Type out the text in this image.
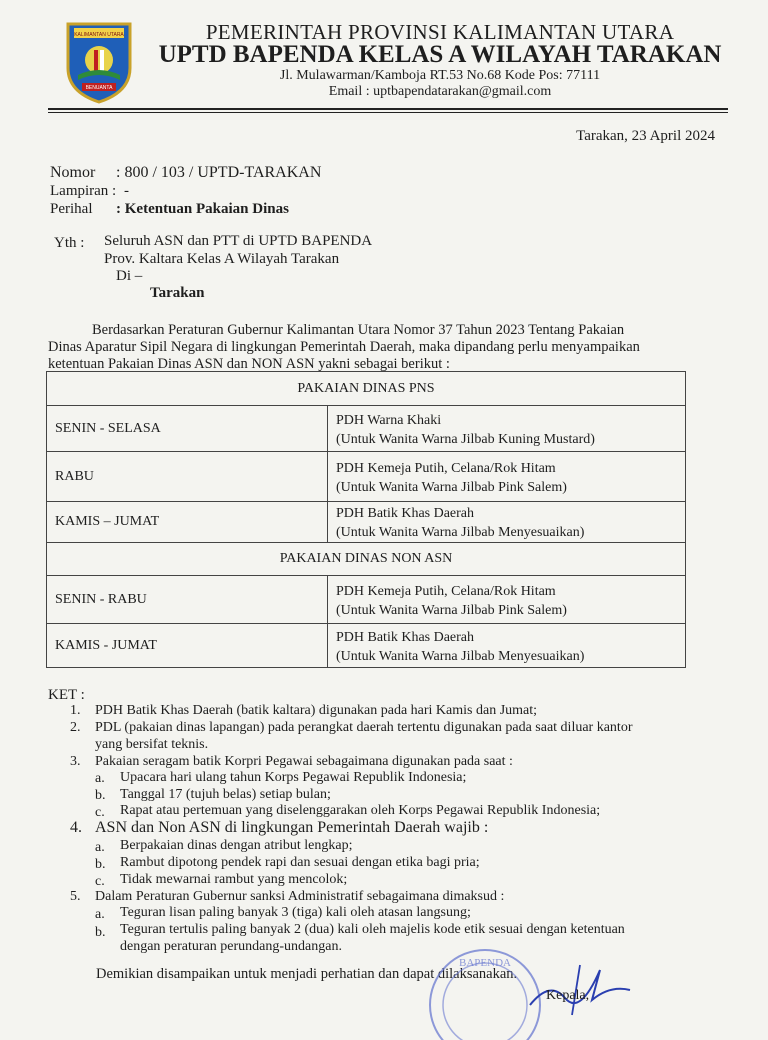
KALIMANTAN UTARA
BENUANTA
PEMERINTAH PROVINSI KALIMANTAN UTARA
UPTD BAPENDA KELAS A WILAYAH TARAKAN
Jl. Mulawarman/Kamboja RT.53 No.68 Kode Pos: 77111
Email : uptbapendatarakan@gmail.com
Tarakan, 23 April 2024
Nomor : 800 / 103 / UPTD-TARAKAN
Lampiran : -
Perihal : Ketentuan Pakaian Dinas
Yth : Seluruh ASN dan PTT di UPTD BAPENDA
Prov. Kaltara Kelas A Wilayah Tarakan
Di –
Tarakan
Berdasarkan Peraturan Gubernur Kalimantan Utara Nomor 37 Tahun 2023 Tentang Pakaian
Dinas Aparatur Sipil Negara di lingkungan Pemerintah Daerah, maka dipandang perlu menyampaikan
ketentuan Pakaian Dinas ASN dan NON ASN yakni sebagai berikut :
PAKAIAN DINAS PNS	
SENIN - SELASA	PDH Warna Khaki
(Untuk Wanita Warna Jilbab Kuning Mustard)

RABU	PDH Kemeja Putih, Celana/Rok Hitam
(Untuk Wanita Warna Jilbab Pink Salem)

KAMIS – JUMAT	PDH Batik Khas Daerah
(Untuk Wanita Warna Jilbab Menyesuaikan)

PAKAIAN DINAS NON ASN	
SENIN - RABU	PDH Kemeja Putih, Celana/Rok Hitam
(Untuk Wanita Warna Jilbab Pink Salem)

KAMIS - JUMAT	PDH Batik Khas Daerah
(Untuk Wanita Warna Jilbab Menyesuaikan)
KET :
1. PDH Batik Khas Daerah (batik kaltara) digunakan pada hari Kamis dan Jumat;
2. PDL (pakaian dinas lapangan) pada perangkat daerah tertentu digunakan pada saat diluar kantor
yang bersifat teknis.
3. Pakaian seragam batik Korpri Pegawai sebagaimana digunakan pada saat :
a. Upacara hari ulang tahun Korps Pegawai Republik Indonesia;
b. Tanggal 17 (tujuh belas) setiap bulan;
c. Rapat atau pertemuan yang diselenggarakan oleh Korps Pegawai Republik Indonesia;
4. ASN dan Non ASN di lingkungan Pemerintah Daerah wajib :
a. Berpakaian dinas dengan atribut lengkap;
b. Rambut dipotong pendek rapi dan sesuai dengan etika bagi pria;
c. Tidak mewarnai rambut yang mencolok;
5. Dalam Peraturan Gubernur sanksi Administratif sebagaimana dimaksud :
a. Teguran lisan paling banyak 3 (tiga) kali oleh atasan langsung;
b. Teguran tertulis paling banyak 2 (dua) kali oleh majelis kode etik sesuai dengan ketentuan
dengan peraturan perundang-undangan.
Demikian disampaikan untuk menjadi perhatian dan dapat dilaksanakan.
BAPENDA
Kepala,
